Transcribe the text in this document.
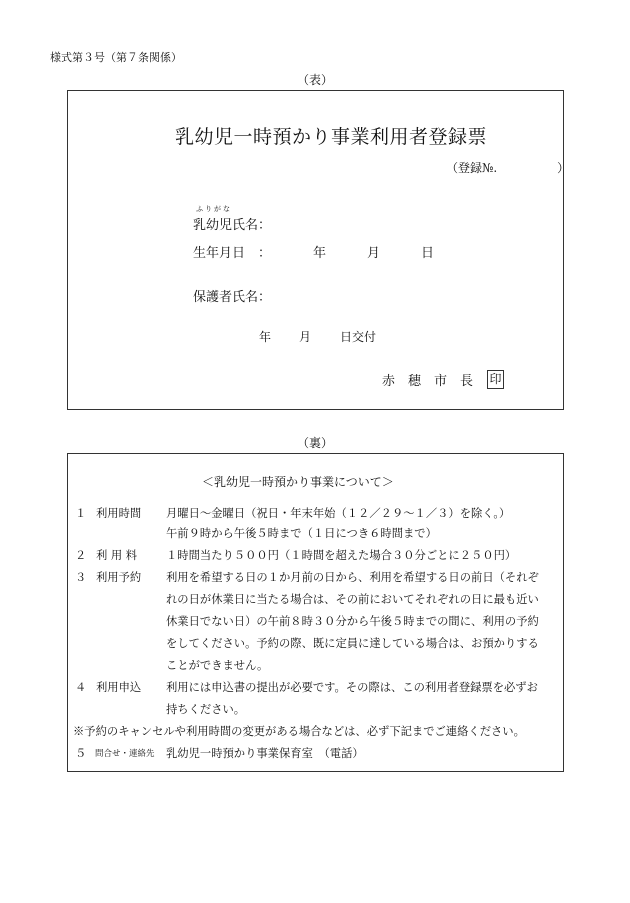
様式第３号（第７条関係）
（表）
乳幼児一時預かり事業利用者登録票
（登録№.　　　　　）
ふりがな
乳幼児氏名：
生年月日　：	年	月	日
保護者氏名：
年 月 日交付
赤　穂　市　長 印
（裏）
＜乳幼児一時預かり事業について＞
１ 利用時間 月曜日～金曜日（祝日・年末年始（１２／２９～１／３）を除く。）
午前９時から午後５時まで（１日につき６時間まで）
２ 利 用 料	１時間当たり５００円（１時間を超えた場合３０分ごとに２５０円）
３ 利用予約 利用を希望する日の１か月前の日から、利用を希望する日の前日（それぞ
れの日が休業日に当たる場合は、その前においてそれぞれの日に最も近い
休業日でない日）の午前８時３０分から午後５時までの間に、利用の予約
をしてください。予約の際、既に定員に達している場合は、お預かりする
ことができません。
４ 利用申込 利用には申込書の提出が必要です。その際は、この利用者登録票を必ずお
持ちください。
※予約のキャンセルや利用時間の変更がある場合などは、必ず下記までご連絡ください。
５ 問合せ・連絡先 乳幼児一時預かり事業保育室　（電話）
